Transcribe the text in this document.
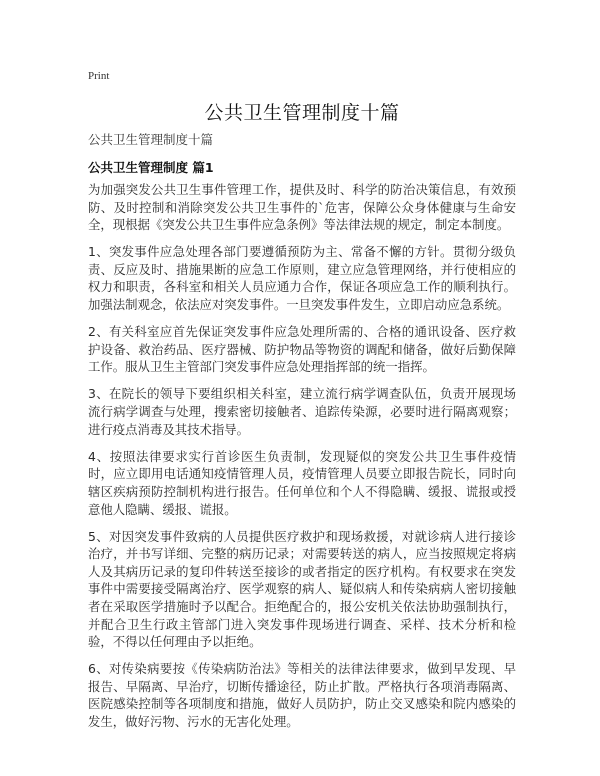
Print
公共卫生管理制度十篇
公共卫生管理制度十篇
公共卫生管理制度 篇1

为加强突发公共卫生事件管理工作，提供及时、科学的防治决策信息，有效预防、及时控制和消除突发公共卫生事件的`危害，保障公众身体健康与生命安全，现根据《突发公共卫生事件应急条例》等法律法规的规定，制定本制度。

1、突发事件应急处理各部门要遵循预防为主、常备不懈的方针。贯彻分级负责、反应及时、措施果断的应急工作原则，建立应急管理网络，并行使相应的权力和职责，各科室和相关人员应通力合作，保证各项应急工作的顺利执行。加强法制观念，依法应对突发事件。一旦突发事件发生，立即启动应急系统。

2、有关科室应首先保证突发事件应急处理所需的、合格的通讯设备、医疗救护设备、救治药品、医疗器械、防护物品等物资的调配和储备，做好后勤保障工作。服从卫生主管部门突发事件应急处理指挥部的统一指挥。

3、在院长的领导下要组织相关科室，建立流行病学调查队伍，负责开展现场流行病学调查与处理，搜索密切接触者、追踪传染源，必要时进行隔离观察；进行疫点消毒及其技术指导。

4、按照法律要求实行首诊医生负责制，发现疑似的突发公共卫生事件疫情时，应立即用电话通知疫情管理人员，疫情管理人员要立即报告院长，同时向辖区疾病预防控制机构进行报告。任何单位和个人不得隐瞒、缓报、谎报或授意他人隐瞒、缓报、谎报。

5、对因突发事件致病的人员提供医疗救护和现场救援，对就诊病人进行接诊治疗，并书写详细、完整的病历记录；对需要转送的病人，应当按照规定将病人及其病历记录的复印件转送至接诊的或者指定的医疗机构。有权要求在突发事件中需要接受隔离治疗、医学观察的病人、疑似病人和传染病病人密切接触者在采取医学措施时予以配合。拒绝配合的，报公安机关依法协助强制执行，并配合卫生行政主管部门进入突发事件现场进行调查、采样、技术分析和检验，不得以任何理由予以拒绝。

6、对传染病要按《传染病防治法》等相关的法律法律要求，做到早发现、早报告、早隔离、早治疗，切断传播途径，防止扩散。严格执行各项消毒隔离、医院感染控制等各项制度和措施，做好人员防护，防止交叉感染和院内感染的发生，做好污物、污水的无害化处理。
